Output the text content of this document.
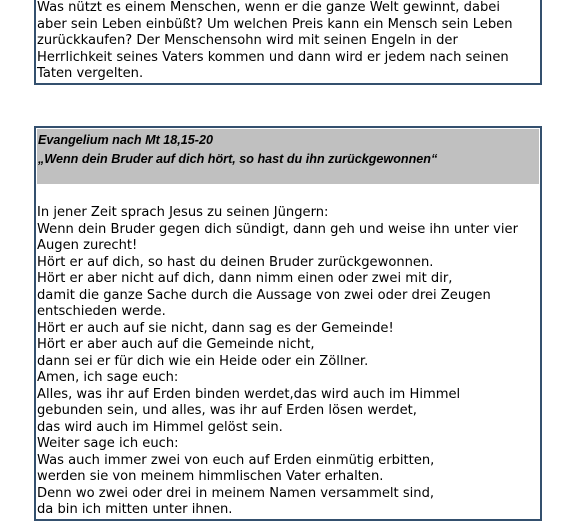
Was nützt es einem Menschen, wenn er die ganze Welt gewinnt, dabei
aber sein Leben einbüßt? Um welchen Preis kann ein Mensch sein Leben
zurückkaufen? Der Menschensohn wird mit seinen Engeln in der
Herrlichkeit seines Vaters kommen und dann wird er jedem nach seinen
Taten vergelten.
Evangelium nach Mt 18,15-20
„Wenn dein Bruder auf dich hört, so hast du ihn zurückgewonnen“
In jener Zeit sprach Jesus zu seinen Jüngern:
Wenn dein Bruder gegen dich sündigt, dann geh und weise ihn unter vier
Augen zurecht!
Hört er auf dich, so hast du deinen Bruder zurückgewonnen.
Hört er aber nicht auf dich, dann nimm einen oder zwei mit dir,
damit die ganze Sache durch die Aussage von zwei oder drei Zeugen
entschieden werde.
Hört er auch auf sie nicht, dann sag es der Gemeinde!
Hört er aber auch auf die Gemeinde nicht,
dann sei er für dich wie ein Heide oder ein Zöllner.
Amen, ich sage euch:
Alles, was ihr auf Erden binden werdet,das wird auch im Himmel
gebunden sein, und alles, was ihr auf Erden lösen werdet,
das wird auch im Himmel gelöst sein.
Weiter sage ich euch:
Was auch immer zwei von euch auf Erden einmütig erbitten,
werden sie von meinem himmlischen Vater erhalten.
Denn wo zwei oder drei in meinem Namen versammelt sind,
da bin ich mitten unter ihnen.
